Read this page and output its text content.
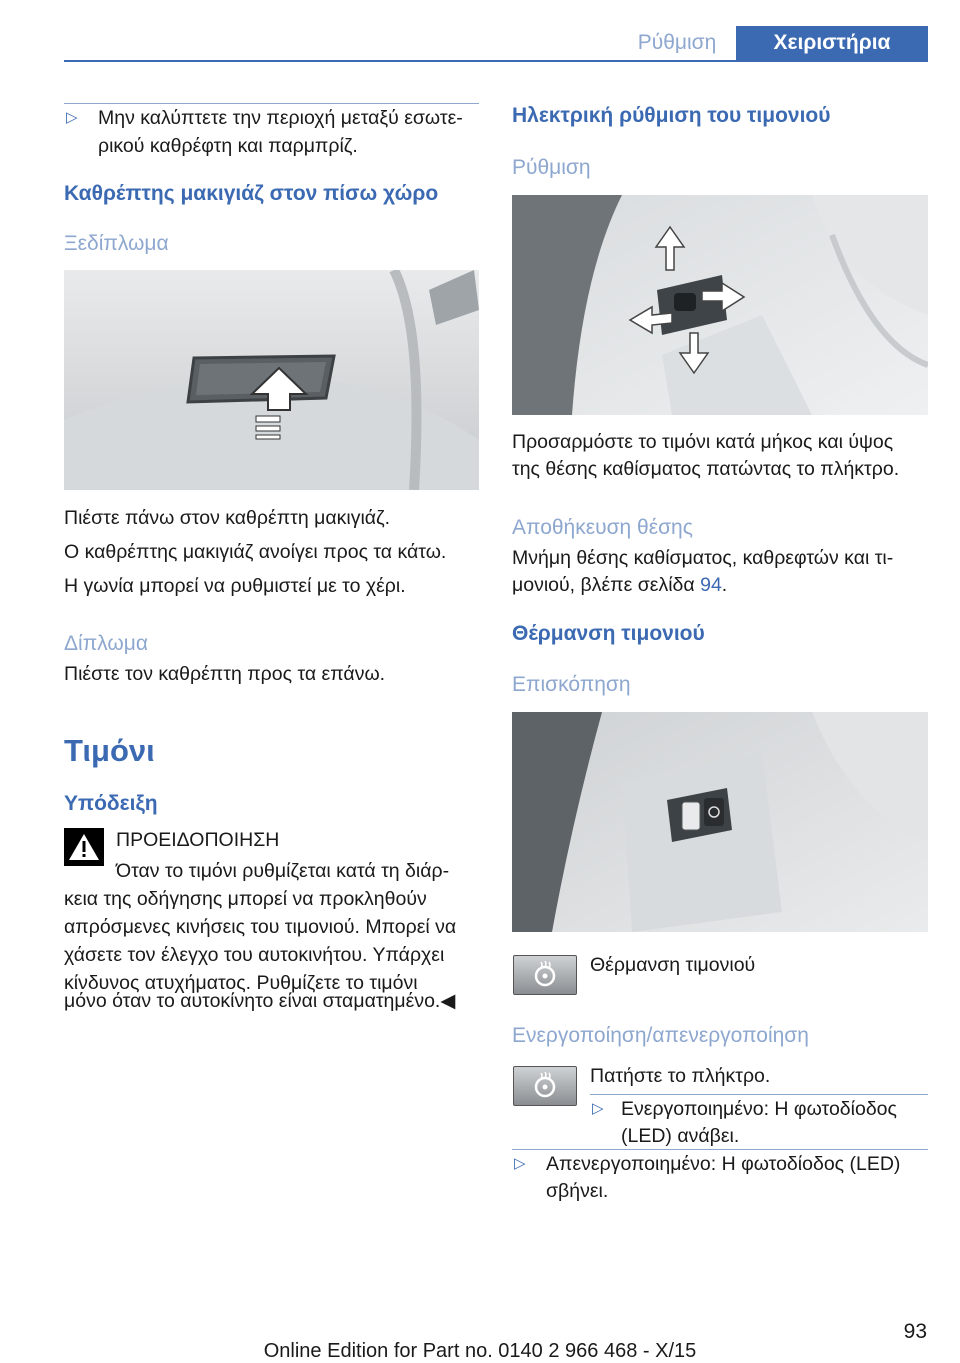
Ρύθμιση	Χειριστήρια
▷ Μην καλύπτετε την περιοχή μεταξύ εσωτε-
ρικού καθρέφτη και παρμπρίζ.
Καθρέπτης μακιγιάζ στον πίσω χώρο
Ξεδίπλωμα
Πιέστε πάνω στον καθρέπτη μακιγιάζ.
Ο καθρέπτης μακιγιάζ ανοίγει προς τα κάτω.
Η γωνία μπορεί να ρυθμιστεί με το χέρι.
Δίπλωμα
Πιέστε τον καθρέπτη προς τα επάνω.
Τιμόνι
Υπόδειξη
ΠΡΟΕΙΔΟΠΟΙΗΣΗ
Όταν το τιμόνι ρυθμίζεται κατά τη διάρ-
κεια της οδήγησης μπορεί να προκληθούν
απρόσμενες κινήσεις του τιμονιού. Μπορεί να
χάσετε τον έλεγχο του αυτοκινήτου. Υπάρχει
κίνδυνος ατυχήματος. Ρυθμίζετε το τιμόνι
μόνο όταν το αυτοκίνητο είναι σταματημένο.◀
Ηλεκτρική ρύθμιση του τιμονιού
Ρύθμιση
Προσαρμόστε το τιμόνι κατά μήκος και ύψος
της θέσης καθίσματος πατώντας το πλήκτρο.
Αποθήκευση θέσης
Μνήμη θέσης καθίσματος, καθρεφτών και τι-
μονιού, βλέπε σελίδα 94.
Θέρμανση τιμονιού
Επισκόπηση
Θέρμανση τιμονιού
Ενεργοποίηση/απενεργοποίηση
Πατήστε το πλήκτρο.
▷ Ενεργοποιημένο: Η φωτοδίοδος
(LED) ανάβει.
▷ Απενεργοποιημένο: Η φωτοδίοδος (LED)
σβήνει.
93
Online Edition for Part no. 0140 2 966 468 - X/15
